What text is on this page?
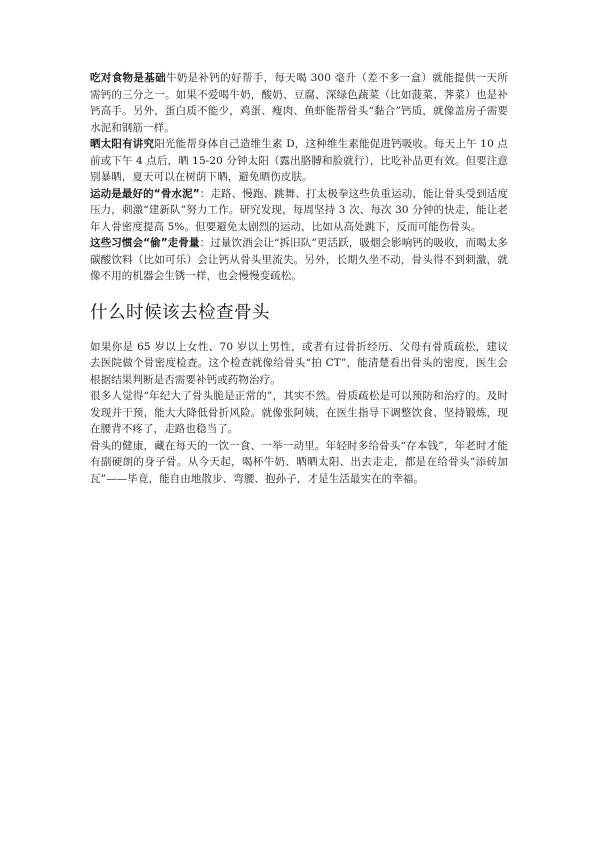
吃对食物是基础牛奶是补钙的好帮手，每天喝 300 毫升（差不多一盒）就能提供一天所需钙的三分之一。如果不爱喝牛奶，酸奶、豆腐、深绿色蔬菜（比如菠菜、荠菜）也是补钙高手。另外，蛋白质不能少，鸡蛋、瘦肉、鱼虾能帮骨头“黏合”钙质，就像盖房子需要水泥和钢筋一样。

晒太阳有讲究阳光能帮身体自己造维生素 D，这种维生素能促进钙吸收。每天上午 10 点前或下午 4 点后，晒 15-20 分钟太阳（露出胳膊和脸就行），比吃补品更有效。但要注意别暴晒，夏天可以在树荫下晒，避免晒伤皮肤。

运动是最好的“骨水泥”：走路、慢跑、跳舞、打太极拳这些负重运动，能让骨头受到适度压力，刺激“建新队”努力工作。研究发现，每周坚持 3 次、每次 30 分钟的快走，能让老年人骨密度提高 5%。但要避免太剧烈的运动，比如从高处跳下，反而可能伤骨头。

这些习惯会“偷”走骨量：过量饮酒会让“拆旧队”更活跃，吸烟会影响钙的吸收，而喝太多碳酸饮料（比如可乐）会让钙从骨头里流失。另外，长期久坐不动，骨头得不到刺激，就像不用的机器会生锈一样，也会慢慢变疏松。

什么时候该去检查骨头

如果你是 65 岁以上女性、70 岁以上男性，或者有过骨折经历、父母有骨质疏松，建议去医院做个骨密度检查。这个检查就像给骨头“拍 CT”，能清楚看出骨头的密度，医生会根据结果判断是否需要补钙或药物治疗。

很多人觉得“年纪大了骨头脆是正常的”，其实不然。骨质疏松是可以预防和治疗的。及时发现并干预，能大大降低骨折风险。就像张阿姨，在医生指导下调整饮食、坚持锻炼，现在腰背不疼了，走路也稳当了。

骨头的健康，藏在每天的一饮一食、一举一动里。年轻时多给骨头“存本钱”，年老时才能有副硬朗的身子骨。从今天起，喝杯牛奶、晒晒太阳、出去走走，都是在给骨头“添砖加瓦”——毕竟，能自由地散步、弯腰、抱孙子，才是生活最实在的幸福。
